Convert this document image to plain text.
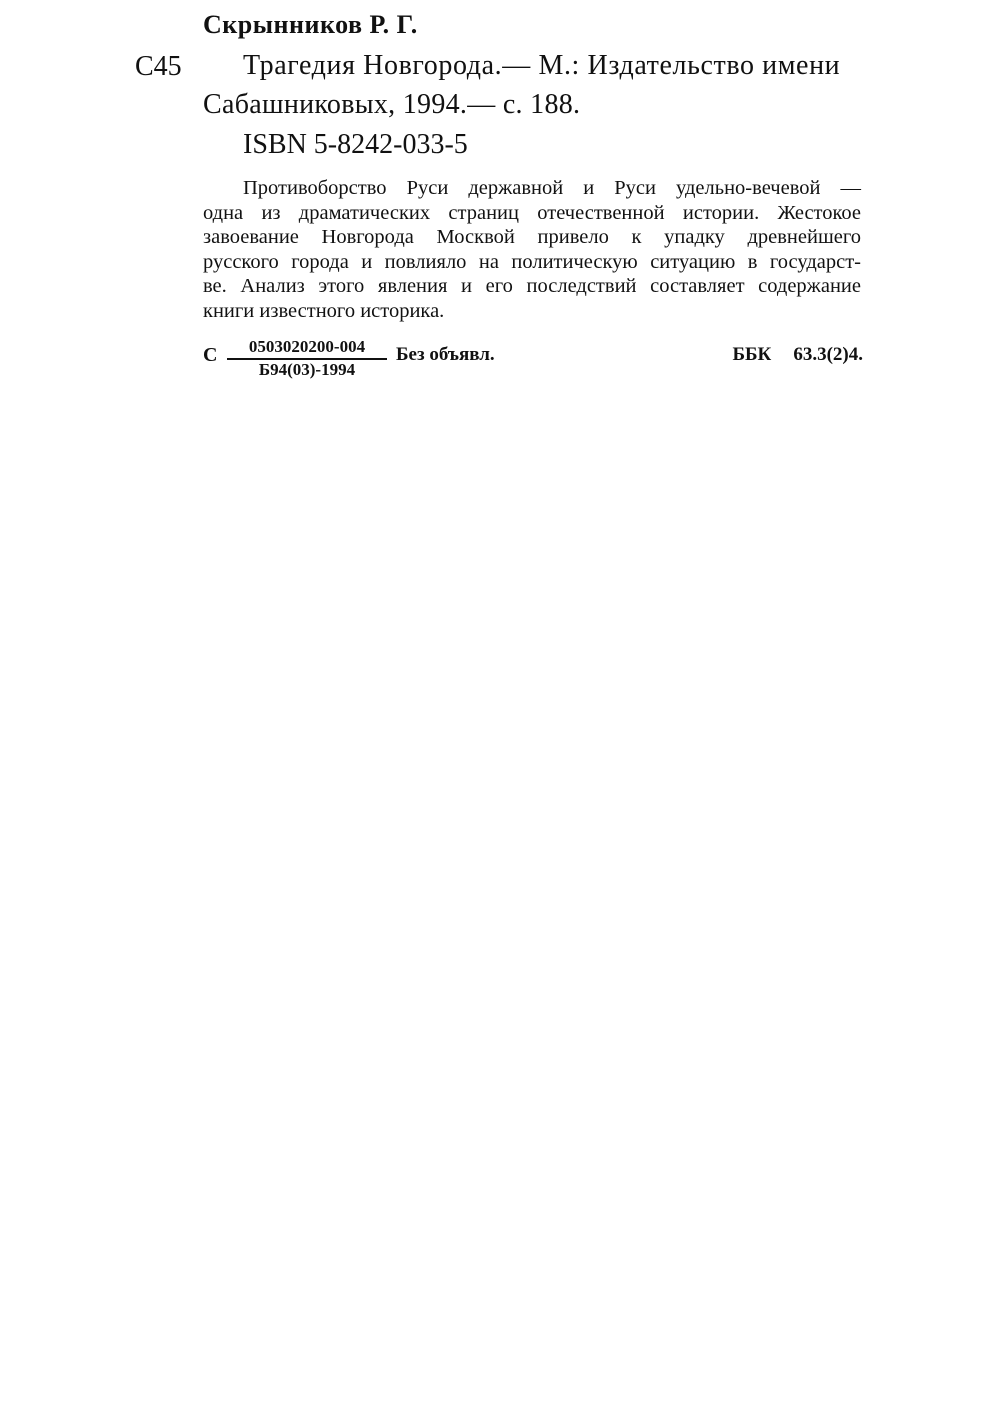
Скрынников Р. Г.
С45 Трагедия Новгорода.— М.: Издательство имени
Сабашниковых, 1994.— с. 188.
ISBN 5-8242-033-5
Противоборство Руси державной и Руси удельно-вечевой —
одна из драматических страниц отечественной истории. Жестокое
завоевание Новгорода Москвой привело к упадку древнейшего
русского города и повлияло на политическую ситуацию в государст-
ве. Анализ этого явления и его последствий составляет содержание
книги известного историка.
С	0503020200-004
Б94(03)-1994
Без объявл.	ББК 63.3(2)4.
